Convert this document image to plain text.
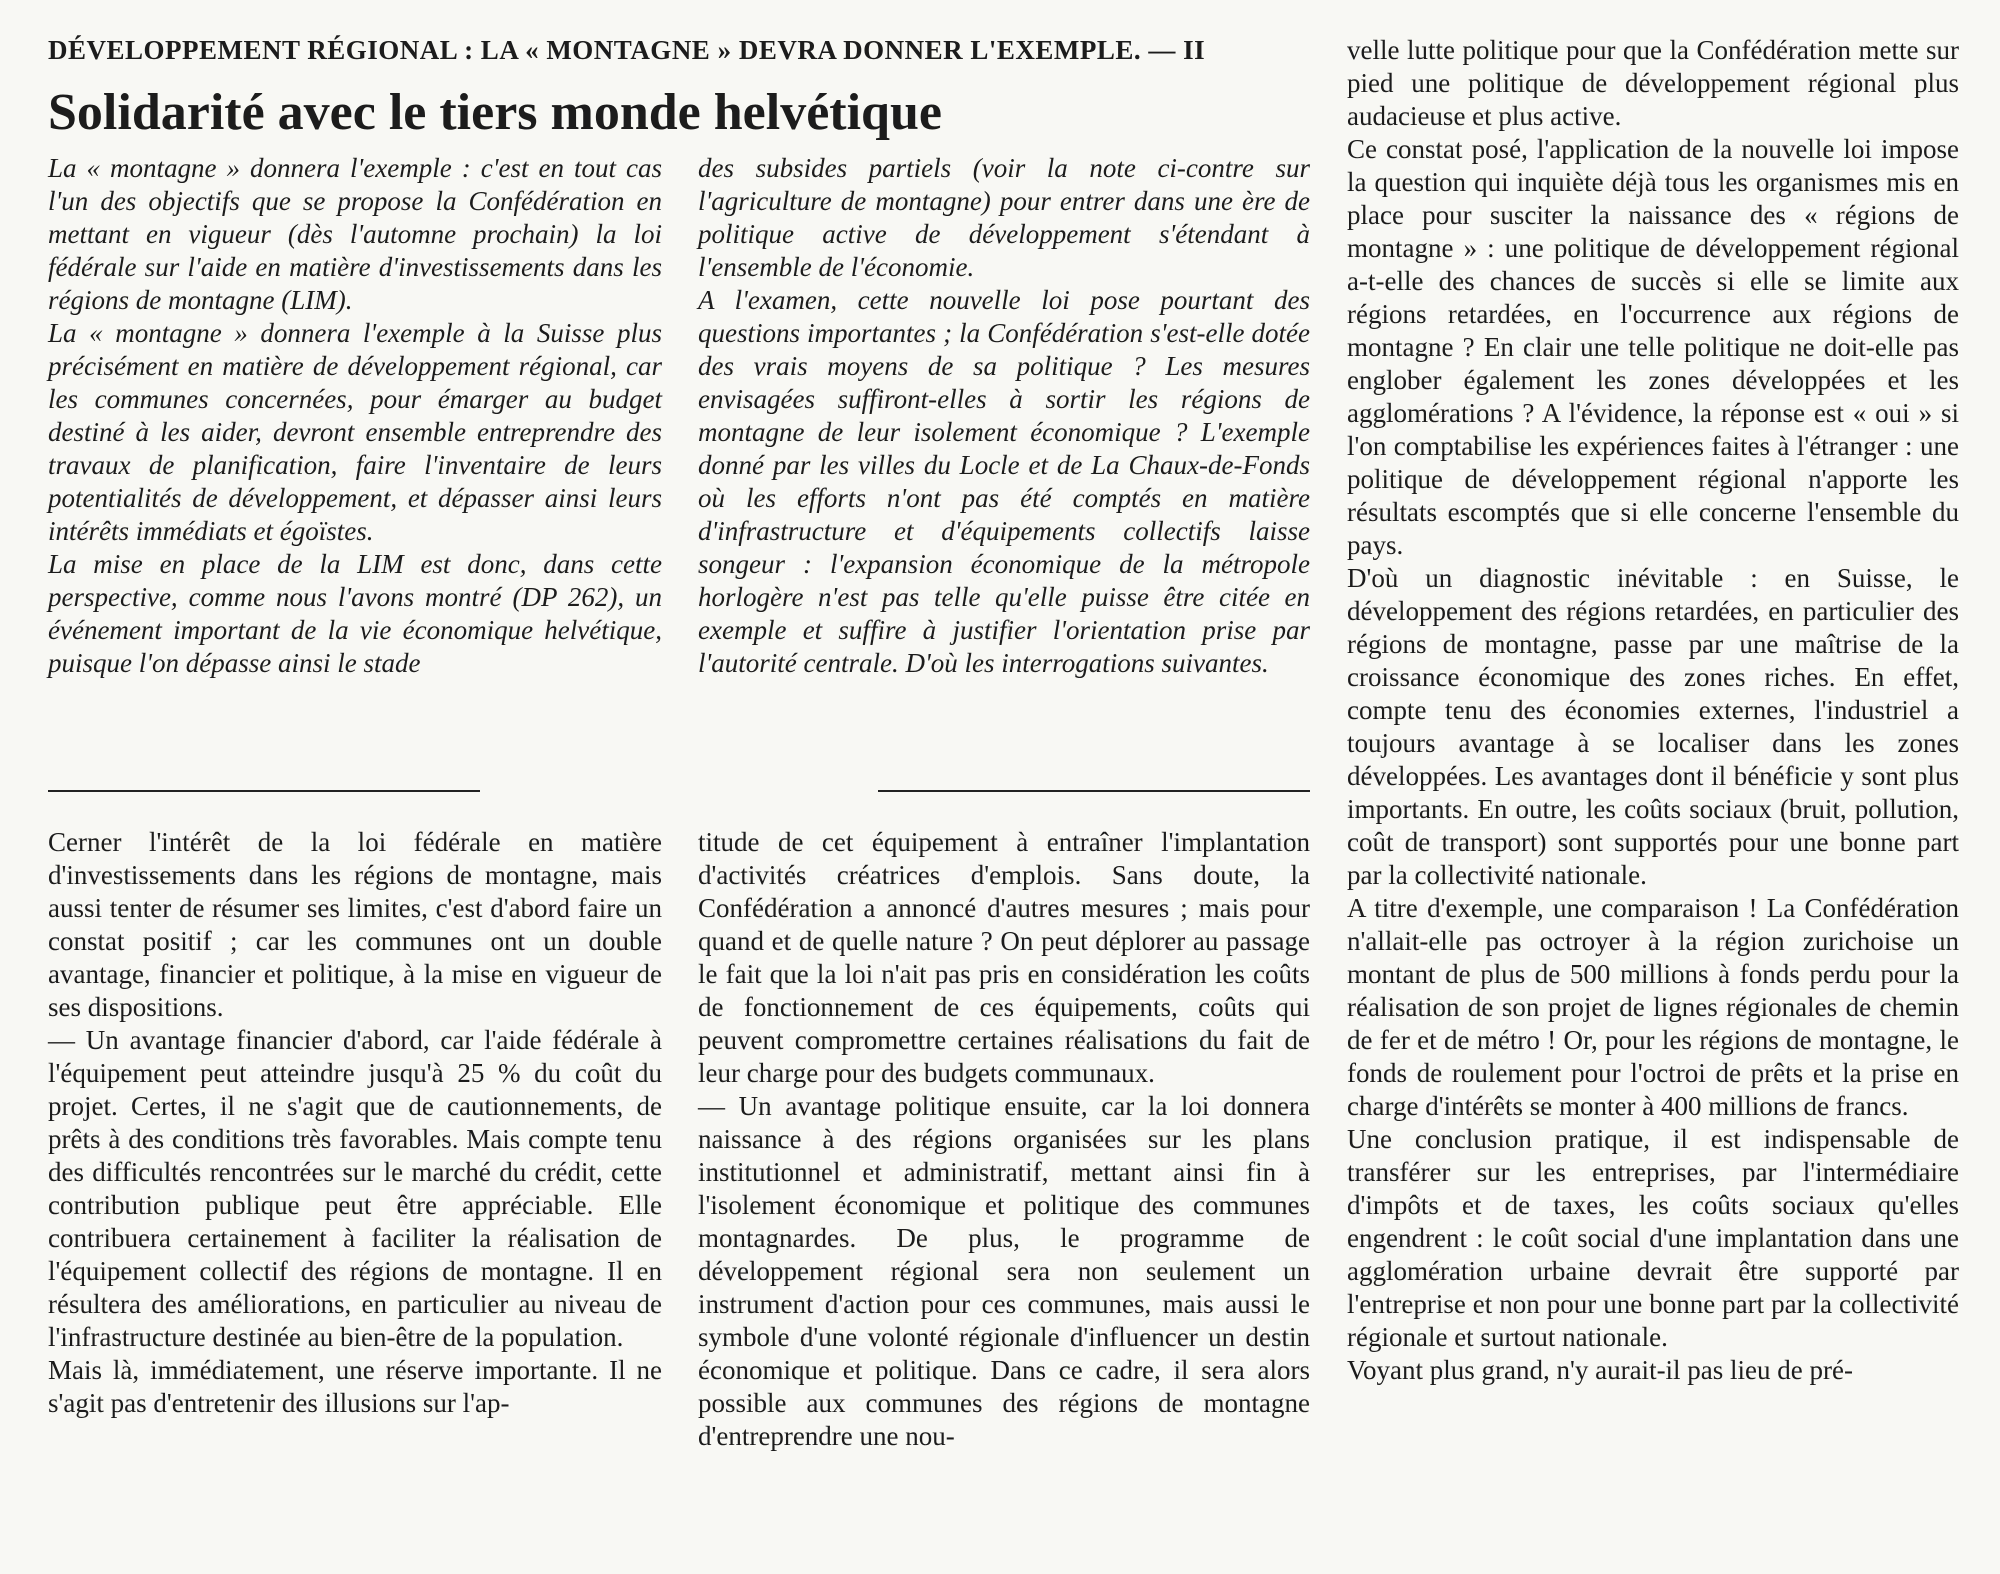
DÉVELOPPEMENT RÉGIONAL : LA « MONTAGNE » DEVRA DONNER L'EXEMPLE. — II
Solidarité avec le tiers monde helvétique

La « montagne » donnera l'exemple : c'est en tout cas l'un des objectifs que se propose la Confédération en mettant en vigueur (dès l'automne prochain) la loi fédérale sur l'aide en matière d'investissements dans les régions de montagne (LIM).

La « montagne » donnera l'exemple à la Suisse plus précisément en matière de développement régional, car les communes concernées, pour émarger au budget destiné à les aider, devront ensemble entreprendre des travaux de planification, faire l'inventaire de leurs potentialités de développement, et dépasser ainsi leurs intérêts immédiats et égoïstes.

La mise en place de la LIM est donc, dans cette perspective, comme nous l'avons montré (DP 262), un événement important de la vie économique helvétique, puisque l'on dépasse ainsi le stade

des subsides partiels (voir la note ci-contre sur l'agriculture de montagne) pour entrer dans une ère de politique active de développement s'étendant à l'ensemble de l'économie.

A l'examen, cette nouvelle loi pose pourtant des questions importantes ; la Confédération s'est-elle dotée des vrais moyens de sa politique ? Les mesures envisagées suffiront-elles à sortir les régions de montagne de leur isolement économique ? L'exemple donné par les villes du Locle et de La Chaux-de-Fonds où les efforts n'ont pas été comptés en matière d'infrastructure et d'équipements collectifs laisse songeur : l'expansion économique de la métropole horlogère n'est pas telle qu'elle puisse être citée en exemple et suffire à justifier l'orientation prise par l'autorité centrale. D'où les interrogations suivantes.

Cerner l'intérêt de la loi fédérale en matière d'investissements dans les régions de montagne, mais aussi tenter de résumer ses limites, c'est d'abord faire un constat positif ; car les communes ont un double avantage, financier et politique, à la mise en vigueur de ses dispositions.

— Un avantage financier d'abord, car l'aide fédérale à l'équipement peut atteindre jusqu'à 25 % du coût du projet. Certes, il ne s'agit que de cautionnements, de prêts à des conditions très favorables. Mais compte tenu des difficultés rencontrées sur le marché du crédit, cette contribution publique peut être appréciable. Elle contribuera certainement à faciliter la réalisation de l'équipement collectif des régions de montagne. Il en résultera des améliorations, en particulier au niveau de l'infrastructure destinée au bien-être de la population.

Mais là, immédiatement, une réserve importante. Il ne s'agit pas d'entretenir des illusions sur l'ap-

titude de cet équipement à entraîner l'implantation d'activités créatrices d'emplois. Sans doute, la Confédération a annoncé d'autres mesures ; mais pour quand et de quelle nature ? On peut déplorer au passage le fait que la loi n'ait pas pris en considération les coûts de fonctionnement de ces équipements, coûts qui peuvent compromettre certaines réalisations du fait de leur charge pour des budgets communaux.

— Un avantage politique ensuite, car la loi donnera naissance à des régions organisées sur les plans institutionnel et administratif, mettant ainsi fin à l'isolement économique et politique des communes montagnardes. De plus, le programme de développement régional sera non seulement un instrument d'action pour ces communes, mais aussi le symbole d'une volonté régionale d'influencer un destin économique et politique. Dans ce cadre, il sera alors possible aux communes des régions de montagne d'entreprendre une nou-

velle lutte politique pour que la Confédération mette sur pied une politique de développement régional plus audacieuse et plus active.

Ce constat posé, l'application de la nouvelle loi impose la question qui inquiète déjà tous les organismes mis en place pour susciter la naissance des « régions de montagne » : une politique de développement régional a-t-elle des chances de succès si elle se limite aux régions retardées, en l'occurrence aux régions de montagne ? En clair une telle politique ne doit-elle pas englober également les zones développées et les agglomérations ? A l'évidence, la réponse est « oui » si l'on comptabilise les expériences faites à l'étranger : une politique de développement régional n'apporte les résultats escomptés que si elle concerne l'ensemble du pays.

D'où un diagnostic inévitable : en Suisse, le développement des régions retardées, en particulier des régions de montagne, passe par une maîtrise de la croissance économique des zones riches. En effet, compte tenu des économies externes, l'industriel a toujours avantage à se localiser dans les zones développées. Les avantages dont il bénéficie y sont plus importants. En outre, les coûts sociaux (bruit, pollution, coût de transport) sont supportés pour une bonne part par la collectivité nationale.

A titre d'exemple, une comparaison ! La Confédération n'allait-elle pas octroyer à la région zurichoise un montant de plus de 500 millions à fonds perdu pour la réalisation de son projet de lignes régionales de chemin de fer et de métro ! Or, pour les régions de montagne, le fonds de roulement pour l'octroi de prêts et la prise en charge d'intérêts se monter à 400 millions de francs.

Une conclusion pratique, il est indispensable de transférer sur les entreprises, par l'intermédiaire d'impôts et de taxes, les coûts sociaux qu'elles engendrent : le coût social d'une implantation dans une agglomération urbaine devrait être supporté par l'entreprise et non pour une bonne part par la collectivité régionale et surtout nationale.

Voyant plus grand, n'y aurait-il pas lieu de pré-
